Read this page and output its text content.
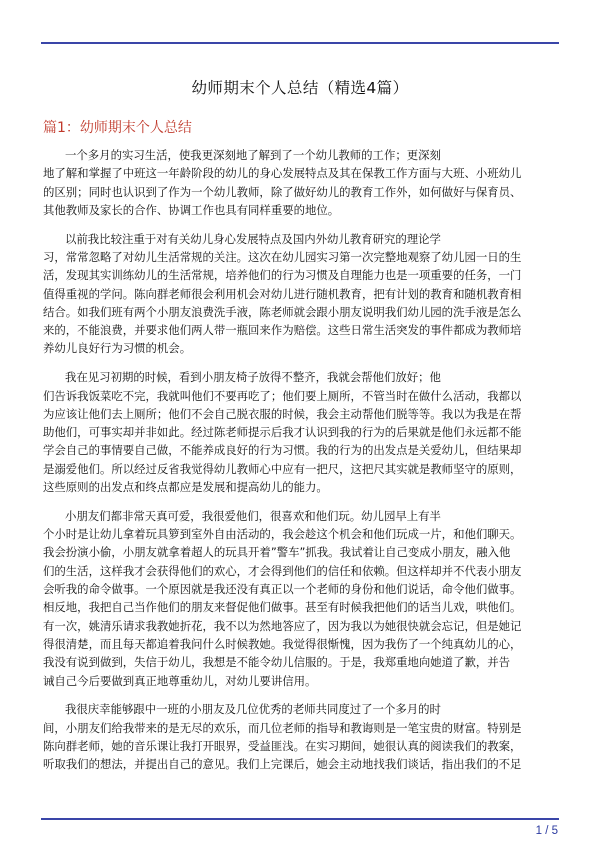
幼师期末个人总结（精选4篇）
篇1：幼师期末个人总结

一个多月的实习生活，使我更深刻地了解到了一个幼儿教师的工作；更深刻
地了解和掌握了中班这一年龄阶段的幼儿的身心发展特点及其在保教工作方面与大班、小班幼儿
的区别；同时也认识到了作为一个幼儿教师，除了做好幼儿的教育工作外，如何做好与保育员、
其他教师及家长的合作、协调工作也具有同样重要的地位。

以前我比较注重于对有关幼儿身心发展特点及国内外幼儿教育研究的理论学
习，常常忽略了对幼儿生活常规的关注。这次在幼儿园实习第一次完整地观察了幼儿园一日的生
活，发现其实训练幼儿的生活常规，培养他们的行为习惯及自理能力也是一项重要的任务，一门
值得重视的学问。陈向群老师很会利用机会对幼儿进行随机教育，把有计划的教育和随机教育相
结合。如我们班有两个小朋友浪费洗手液，陈老师就会跟小朋友说明我们幼儿园的洗手液是怎么
来的，不能浪费，并要求他们两人带一瓶回来作为赔偿。这些日常生活突发的事件都成为教师培
养幼儿良好行为习惯的机会。

我在见习初期的时候，看到小朋友椅子放得不整齐，我就会帮他们放好；他
们告诉我饭菜吃不完，我就叫他们不要再吃了；他们要上厕所，不管当时在做什么活动，我都以
为应该让他们去上厕所；他们不会自己脱衣服的时候，我会主动帮他们脱等等。我以为我是在帮
助他们，可事实却并非如此。经过陈老师提示后我才认识到我的行为的后果就是他们永远都不能
学会自己的事情要自己做，不能养成良好的行为习惯。我的行为的出发点是关爱幼儿，但结果却
是溺爱他们。所以经过反省我觉得幼儿教师心中应有一把尺，这把尺其实就是教师坚守的原则，
这些原则的出发点和终点都应是发展和提高幼儿的能力。

小朋友们都非常天真可爱，我很爱他们，很喜欢和他们玩。幼儿园早上有半
个小时是让幼儿拿着玩具箩到室外自由活动的，我会趁这个机会和他们玩成一片，和他们聊天。
我会扮演小偷，小朋友就拿着超人的玩具开着”警车”抓我。我试着让自己变成小朋友，融入他
们的生活，这样我才会获得他们的欢心，才会得到他们的信任和依赖。但这样却并不代表小朋友
会听我的命令做事。一个原因就是我还没有真正以一个老师的身份和他们说话，命令他们做事。
相反地，我把自己当作他们的朋友来督促他们做事。甚至有时候我把他们的话当儿戏，哄他们。
有一次，姚清乐请求我教她折花，我不以为然地答应了，因为我以为她很快就会忘记，但是她记
得很清楚，而且每天都追着我问什么时候教她。我觉得很惭愧，因为我伤了一个纯真幼儿的心，
我没有说到做到，失信于幼儿，我想是不能令幼儿信服的。于是，我郑重地向她道了歉，并告
诫自己今后要做到真正地尊重幼儿，对幼儿要讲信用。

我很庆幸能够跟中一班的小朋友及几位优秀的老师共同度过了一个多月的时
间，小朋友们给我带来的是无尽的欢乐，而几位老师的指导和教诲则是一笔宝贵的财富。特别是
陈向群老师，她的音乐课让我打开眼界，受益匪浅。在实习期间，她很认真的阅读我们的教案，
听取我们的想法，并提出自己的意见。我们上完课后，她会主动地找我们谈话，指出我们的不足

1 / 5
